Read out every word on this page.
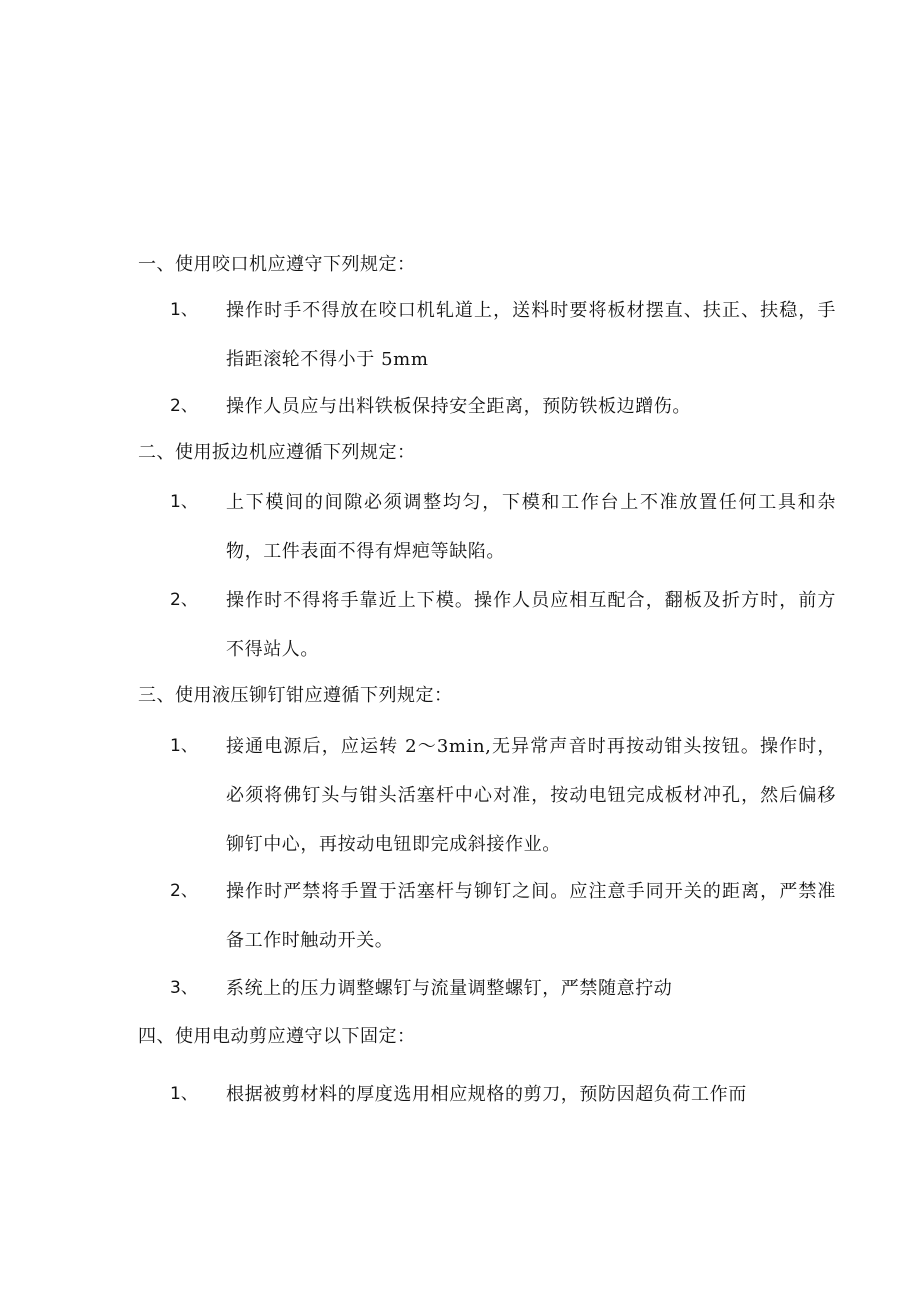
一、使用咬口机应遵守下列规定：
1、 操作时手不得放在咬口机轧道上，送料时要将板材摆直、扶正、扶稳，手指距滚轮不得小于 5mm
2、 操作人员应与出料铁板保持安全距离，预防铁板边蹭伤。
二、使用扳边机应遵循下列规定：
1、 上下模间的间隙必须调整均匀，下模和工作台上不准放置任何工具和杂物，工件表面不得有焊疤等缺陷。
2、 操作时不得将手靠近上下模。操作人员应相互配合，翻板及折方时，前方不得站人。
三、使用液压铆钉钳应遵循下列规定：
1、 接通电源后，应运转 2～3min,无异常声音时再按动钳头按钮。操作时，必须将佛钉头与钳头活塞杆中心对准，按动电钮完成板材冲孔，然后偏移铆钉中心，再按动电钮即完成斜接作业。
2、 操作时严禁将手置于活塞杆与铆钉之间。应注意手同开关的距离，严禁准备工作时触动开关。
3、 系统上的压力调整螺钉与流量调整螺钉，严禁随意拧动
四、使用电动剪应遵守以下固定：
1、 根据被剪材料的厚度选用相应规格的剪刀，预防因超负荷工作而
